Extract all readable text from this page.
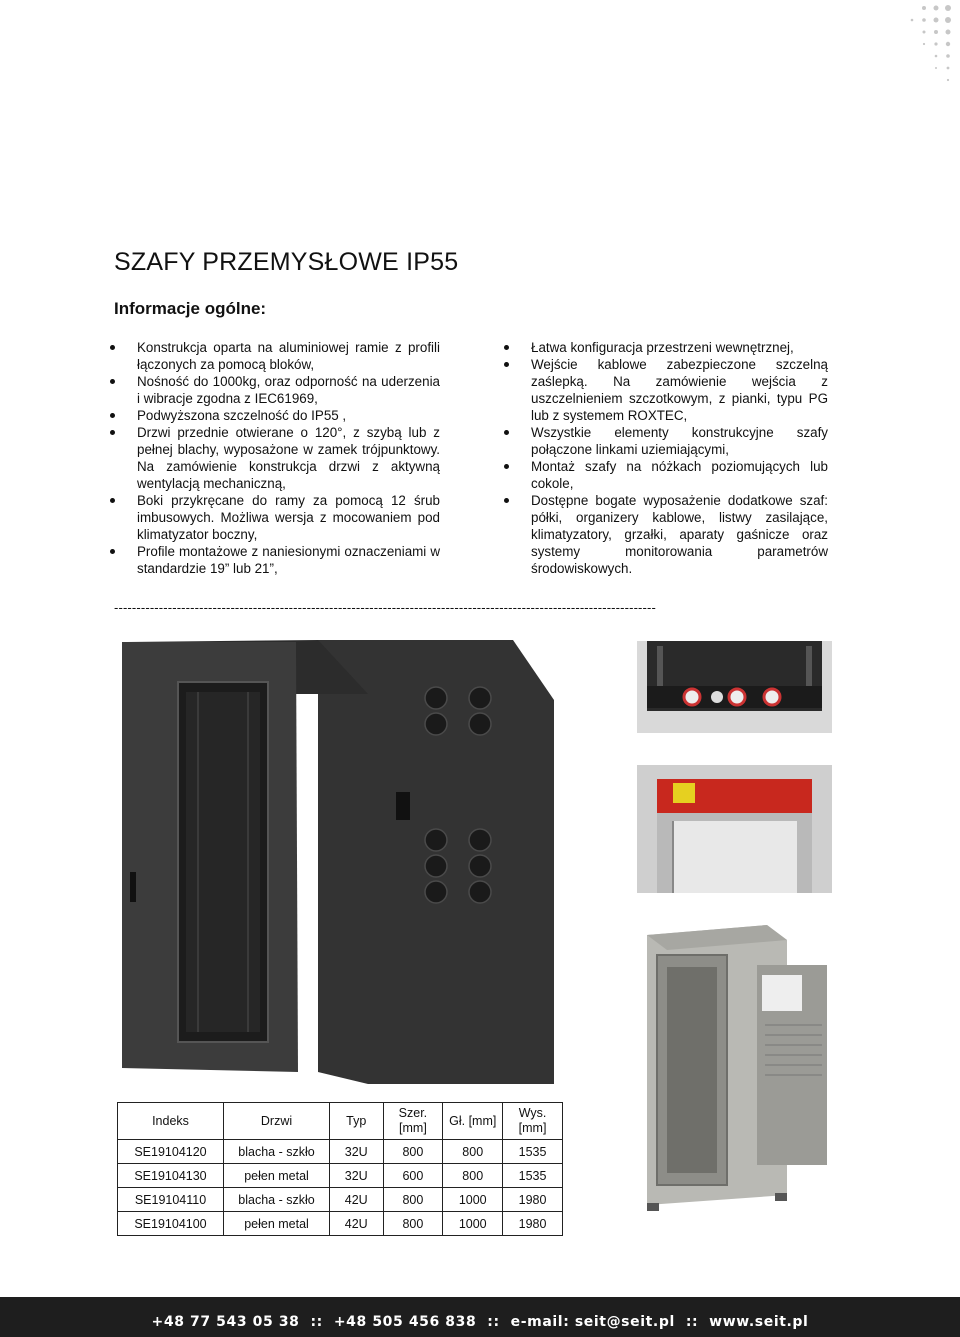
SZAFY PRZEMYSŁOWE IP55
Informacje ogólne:
Konstrukcja oparta na aluminiowej ramie z profili łączonych za pomocą bloków,
Nośność do 1000kg, oraz odporność na uderzenia i wibracje zgodna z IEC61969,
Podwyższona szczelność do IP55 ,
Drzwi przednie otwierane o 120°, z szybą lub z pełnej blachy, wyposażone w zamek trójpunktowy. Na zamówienie konstrukcja drzwi z aktywną wentylacją mechaniczną,
Boki przykręcane do ramy za pomocą 12 śrub imbusowych. Możliwa wersja z mocowaniem pod klimatyzator boczny,
Profile montażowe z naniesionymi oznaczeniami w standardzie 19” lub 21”,
Łatwa konfiguracja przestrzeni wewnętrznej,
Wejście kablowe zabezpieczone szczelną zaślepką. Na zamówienie wejścia z uszczelnieniem szczotkowym, z pianki, typu PG lub z systemem ROXTEC,
Wszystkie elementy konstrukcyjne szafy połączone linkami uziemiającymi,
Montaż szafy na nóżkach poziomujących lub cokole,
Dostępne bogate wyposażenie dodatkowe szaf: półki, organizery kablowe, listwy zasilające, klimatyzatory, grzałki, aparaty gaśnicze oraz systemy monitorowania parametrów środowiskowych.
-------------------------------------------------------------------------------------------------------------------------
Indeks	Drzwi	Typ	Szer. [mm]	Gł. [mm]	Wys. [mm]
SE19104120	blacha - szkło	32U	800	800	1535
SE19104130	pełen metal	32U	600	800	1535
SE19104110	blacha - szkło	42U	800	1000	1980
SE19104100	pełen metal	42U	800	1000	1980
+48 77 543 05 38 :: +48 505 456 838 :: e-mail: seit@seit.pl :: www.seit.pl
